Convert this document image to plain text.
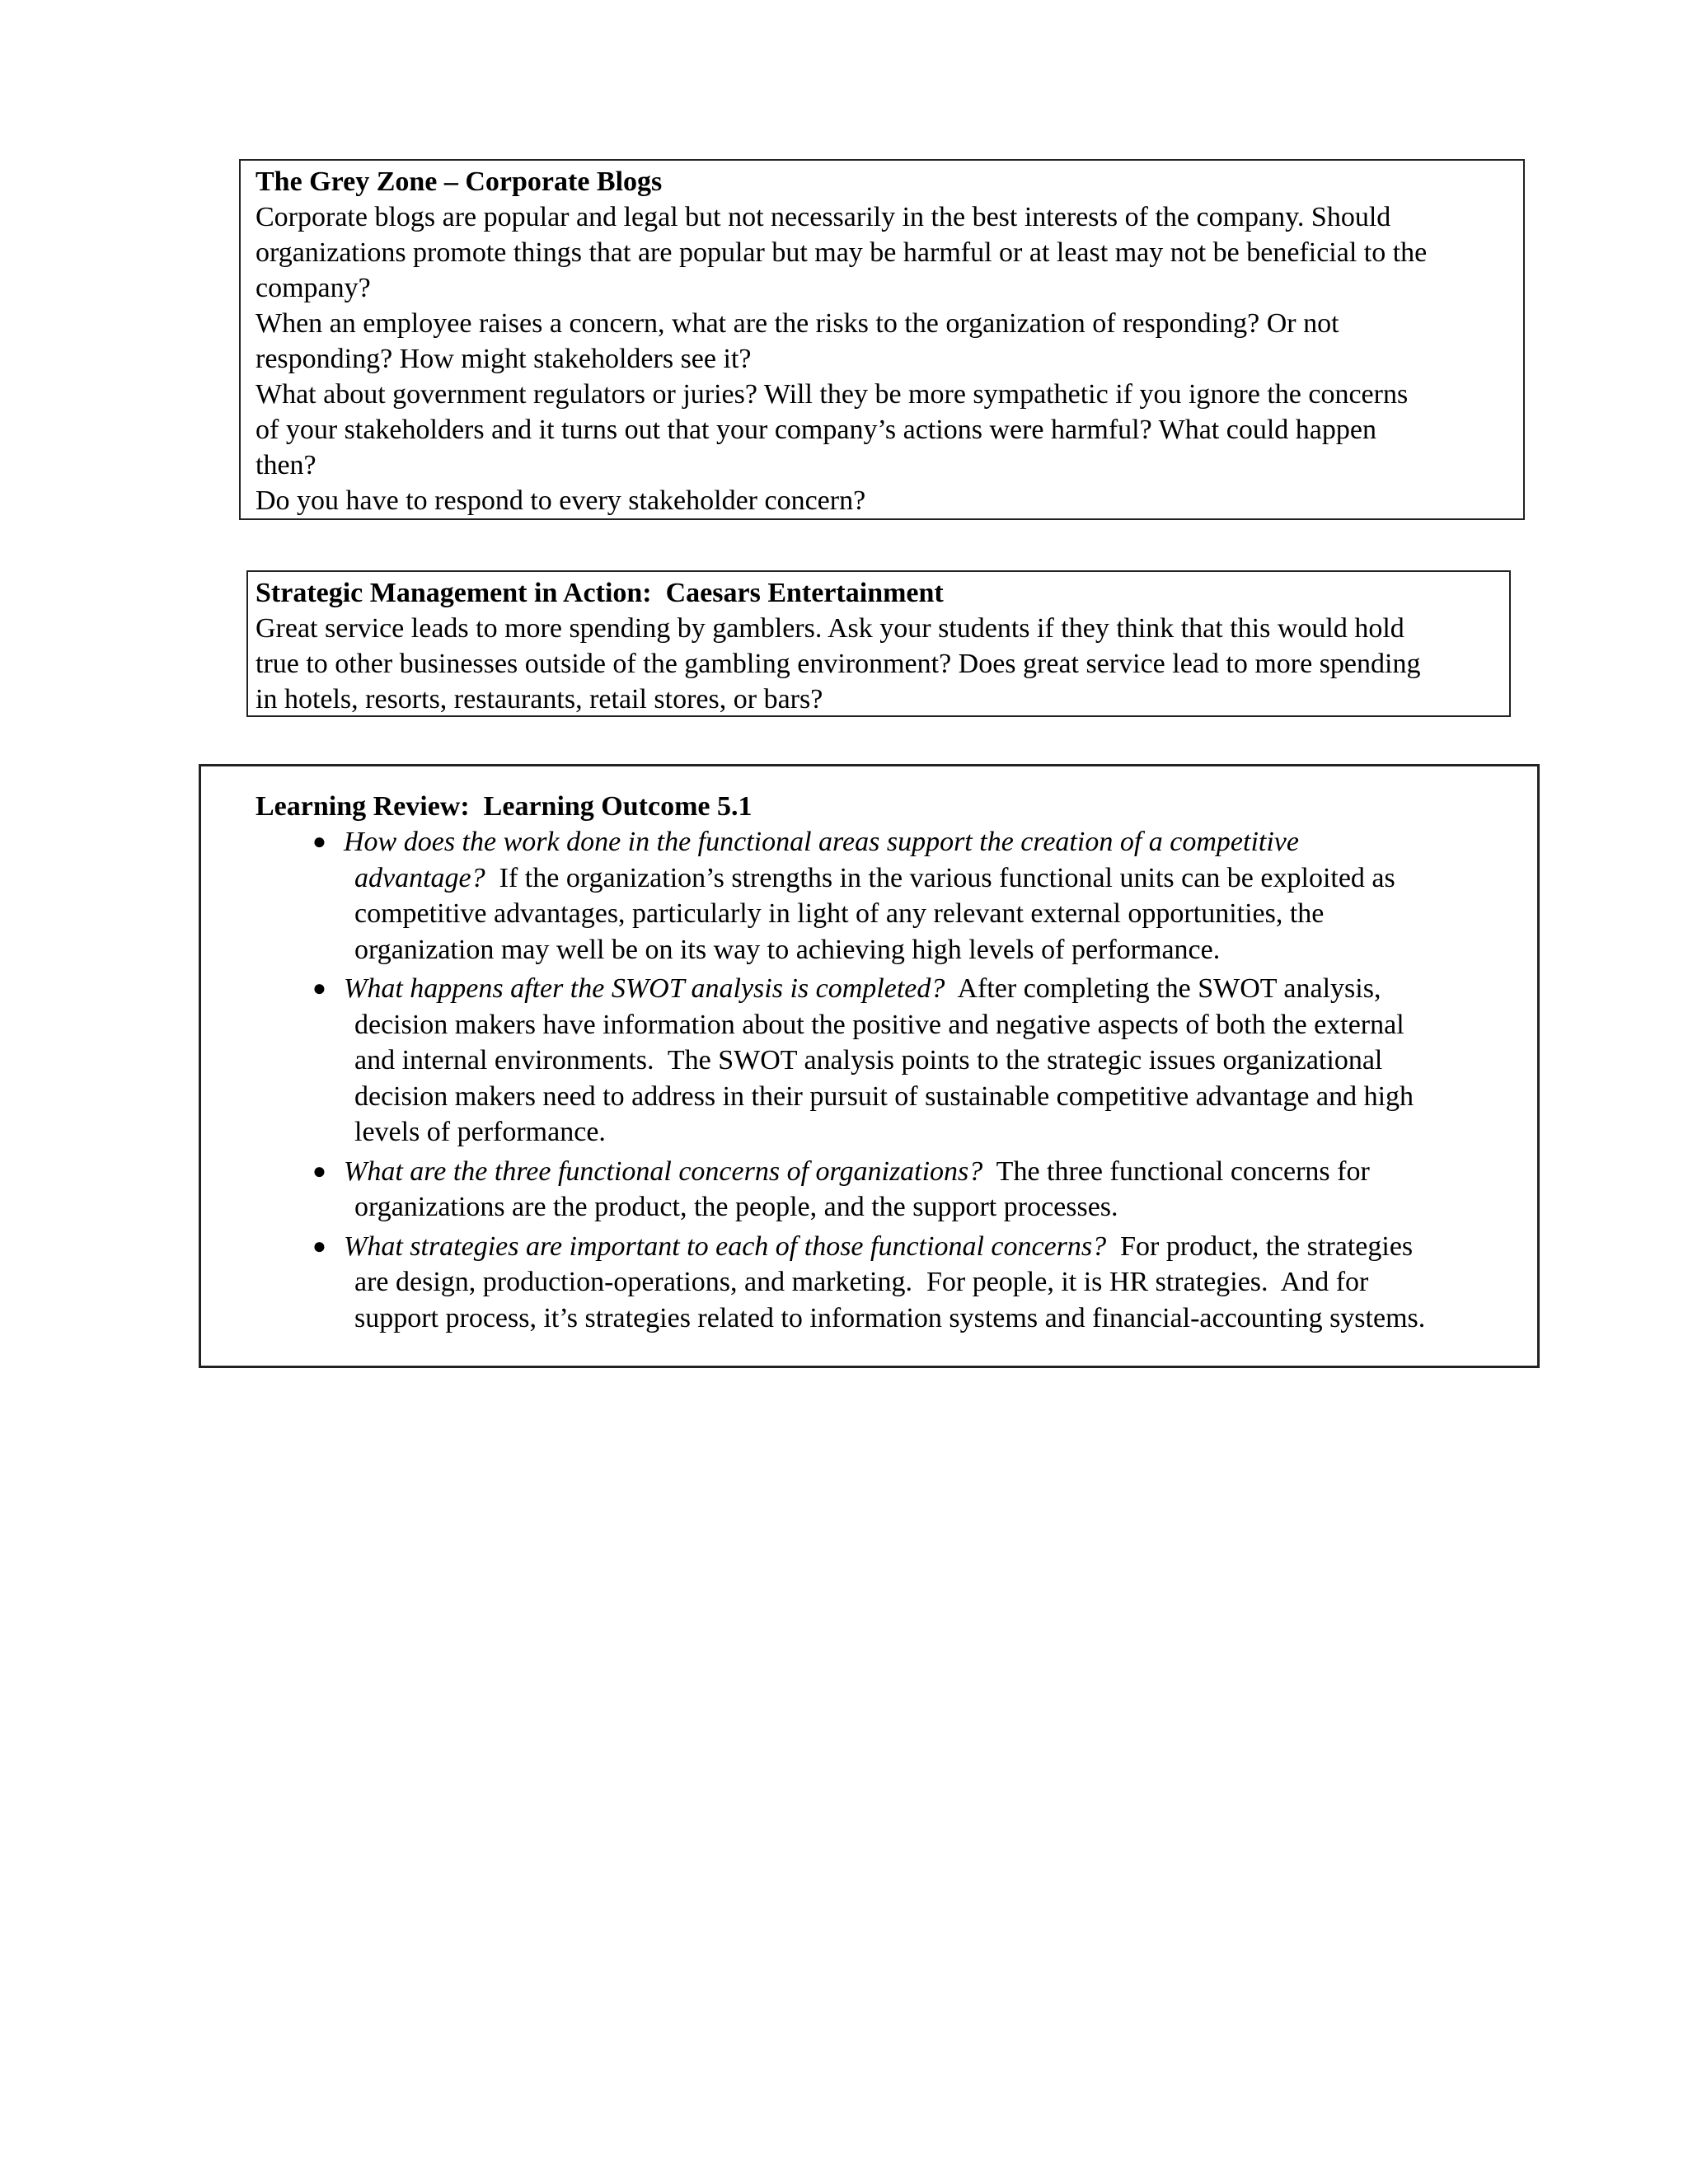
The Grey Zone – Corporate Blogs

Corporate blogs are popular and legal but not necessarily in the best interests of the company. Should
organizations promote things that are popular but may be harmful or at least may not be beneficial to the
company?
When an employee raises a concern, what are the risks to the organization of responding? Or not
responding? How might stakeholders see it?
What about government regulators or juries? Will they be more sympathetic if you ignore the concerns
of your stakeholders and it turns out that your company’s actions were harmful? What could happen
then?
Do you have to respond to every stakeholder concern?

Strategic Management in Action:  Caesars Entertainment

Great service leads to more spending by gamblers. Ask your students if they think that this would hold
true to other businesses outside of the gambling environment? Does great service lead to more spending
in hotels, resorts, restaurants, retail stores, or bars?

Learning Review:  Learning Outcome 5.1
● How does the work done in the functional areas support the creation of a competitive
advantage?  If the organization’s strengths in the various functional units can be exploited as
competitive advantages, particularly in light of any relevant external opportunities, the
organization may well be on its way to achieving high levels of performance.
● What happens after the SWOT analysis is completed?  After completing the SWOT analysis,
decision makers have information about the positive and negative aspects of both the external
and internal environments.  The SWOT analysis points to the strategic issues organizational
decision makers need to address in their pursuit of sustainable competitive advantage and high
levels of performance.
● What are the three functional concerns of organizations?  The three functional concerns for
organizations are the product, the people, and the support processes.
● What strategies are important to each of those functional concerns?  For product, the strategies
are design, production-operations, and marketing.  For people, it is HR strategies.  And for
support process, it’s strategies related to information systems and financial-accounting systems.
